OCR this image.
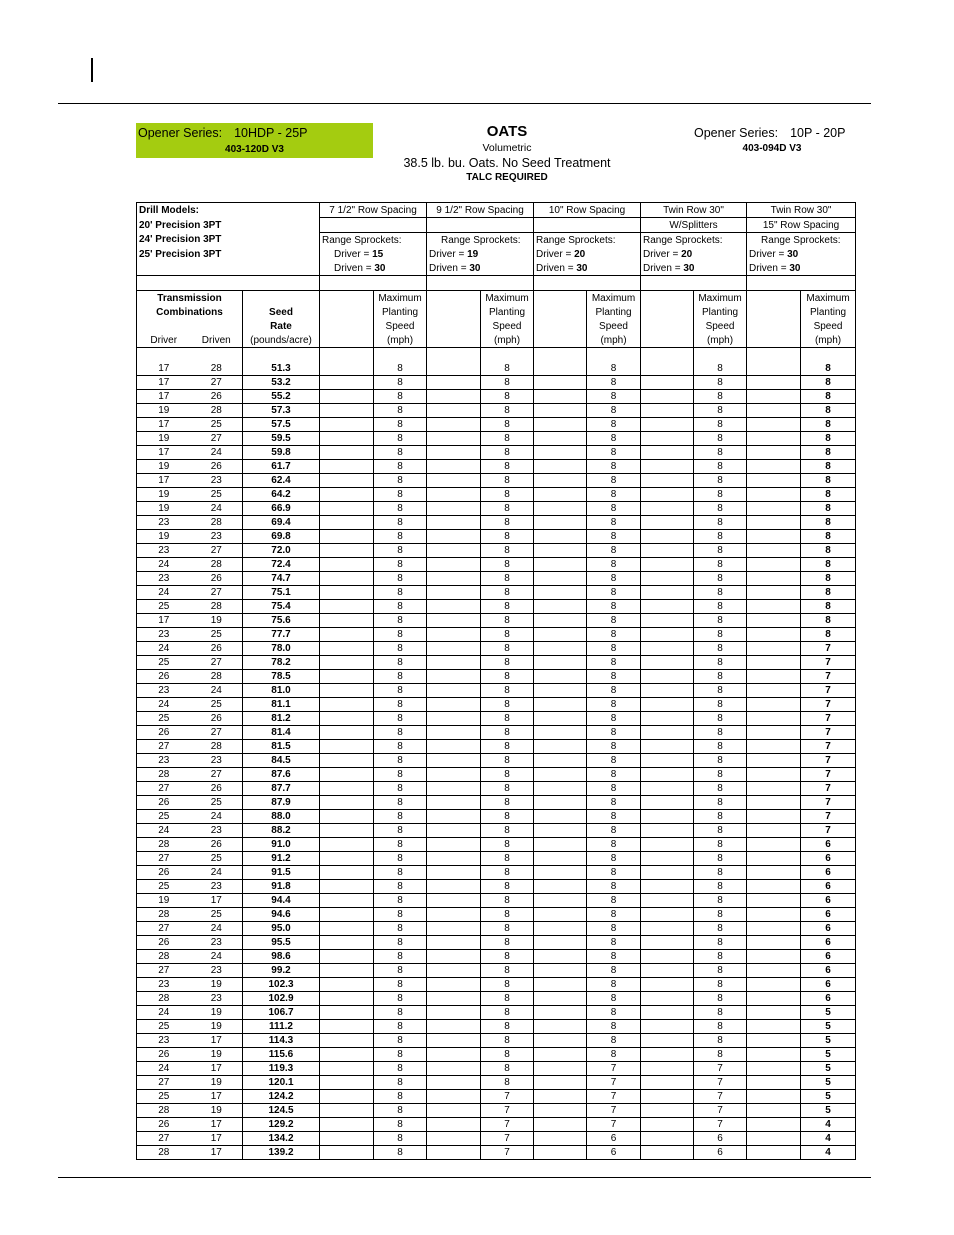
Opener Series: 10HDP - 25P
403-120D V3
OATS
Volumetric
38.5 lb. bu. Oats. No Seed Treatment
TALC REQUIRED
Opener Series: 10P - 20P
403-094D V3
Drill Models:			7 1/2" Row Spacing		9 1/2" Row Spacing		10" Row Spacing		Twin Row 30"		Twin Row 30"	
20' Precision 3PT									W/Splitters		15" Row Spacing	
24' Precision 3PT			Range Sprockets:		Range Sprockets:		Range Sprockets:		Range Sprockets:		Range Sprockets:	
25' Precision 3PT			Driver = 15		Driver = 19		Driver = 20		Driver = 20		Driver = 30	
			Driven = 30		Driven = 30		Driven = 30		Driven = 30		Driven = 30	

Transmission				Maximum		Maximum		Maximum		Maximum		Maximum
Combinations		Seed		Planting		Planting		Planting		Planting		Planting
		Rate		Speed		Speed		Speed		Speed		Speed
Driver	Driven	(pounds/acre)		(mph)		(mph)		(mph)		(mph)		(mph)

17	28	51.3		8		8		8		8		8
17	27	53.2		8		8		8		8		8
17	26	55.2		8		8		8		8		8
19	28	57.3		8		8		8		8		8
17	25	57.5		8		8		8		8		8
19	27	59.5		8		8		8		8		8
17	24	59.8		8		8		8		8		8
19	26	61.7		8		8		8		8		8
17	23	62.4		8		8		8		8		8
19	25	64.2		8		8		8		8		8
19	24	66.9		8		8		8		8		8
23	28	69.4		8		8		8		8		8
19	23	69.8		8		8		8		8		8
23	27	72.0		8		8		8		8		8
24	28	72.4		8		8		8		8		8
23	26	74.7		8		8		8		8		8
24	27	75.1		8		8		8		8		8
25	28	75.4		8		8		8		8		8
17	19	75.6		8		8		8		8		8
23	25	77.7		8		8		8		8		8
24	26	78.0		8		8		8		8		7
25	27	78.2		8		8		8		8		7
26	28	78.5		8		8		8		8		7
23	24	81.0		8		8		8		8		7
24	25	81.1		8		8		8		8		7
25	26	81.2		8		8		8		8		7
26	27	81.4		8		8		8		8		7
27	28	81.5		8		8		8		8		7
23	23	84.5		8		8		8		8		7
28	27	87.6		8		8		8		8		7
27	26	87.7		8		8		8		8		7
26	25	87.9		8		8		8		8		7
25	24	88.0		8		8		8		8		7
24	23	88.2		8		8		8		8		7
28	26	91.0		8		8		8		8		6
27	25	91.2		8		8		8		8		6
26	24	91.5		8		8		8		8		6
25	23	91.8		8		8		8		8		6
19	17	94.4		8		8		8		8		6
28	25	94.6		8		8		8		8		6
27	24	95.0		8		8		8		8		6
26	23	95.5		8		8		8		8		6
28	24	98.6		8		8		8		8		6
27	23	99.2		8		8		8		8		6
23	19	102.3		8		8		8		8		6
28	23	102.9		8		8		8		8		6
24	19	106.7		8		8		8		8		5
25	19	111.2		8		8		8		8		5
23	17	114.3		8		8		8		8		5
26	19	115.6		8		8		8		8		5
24	17	119.3		8		8		7		7		5
27	19	120.1		8		8		7		7		5
25	17	124.2		8		7		7		7		5
28	19	124.5		8		7		7		7		5
26	17	129.2		8		7		7		7		4
27	17	134.2		8		7		6		6		4
28	17	139.2		8		7		6		6		4
